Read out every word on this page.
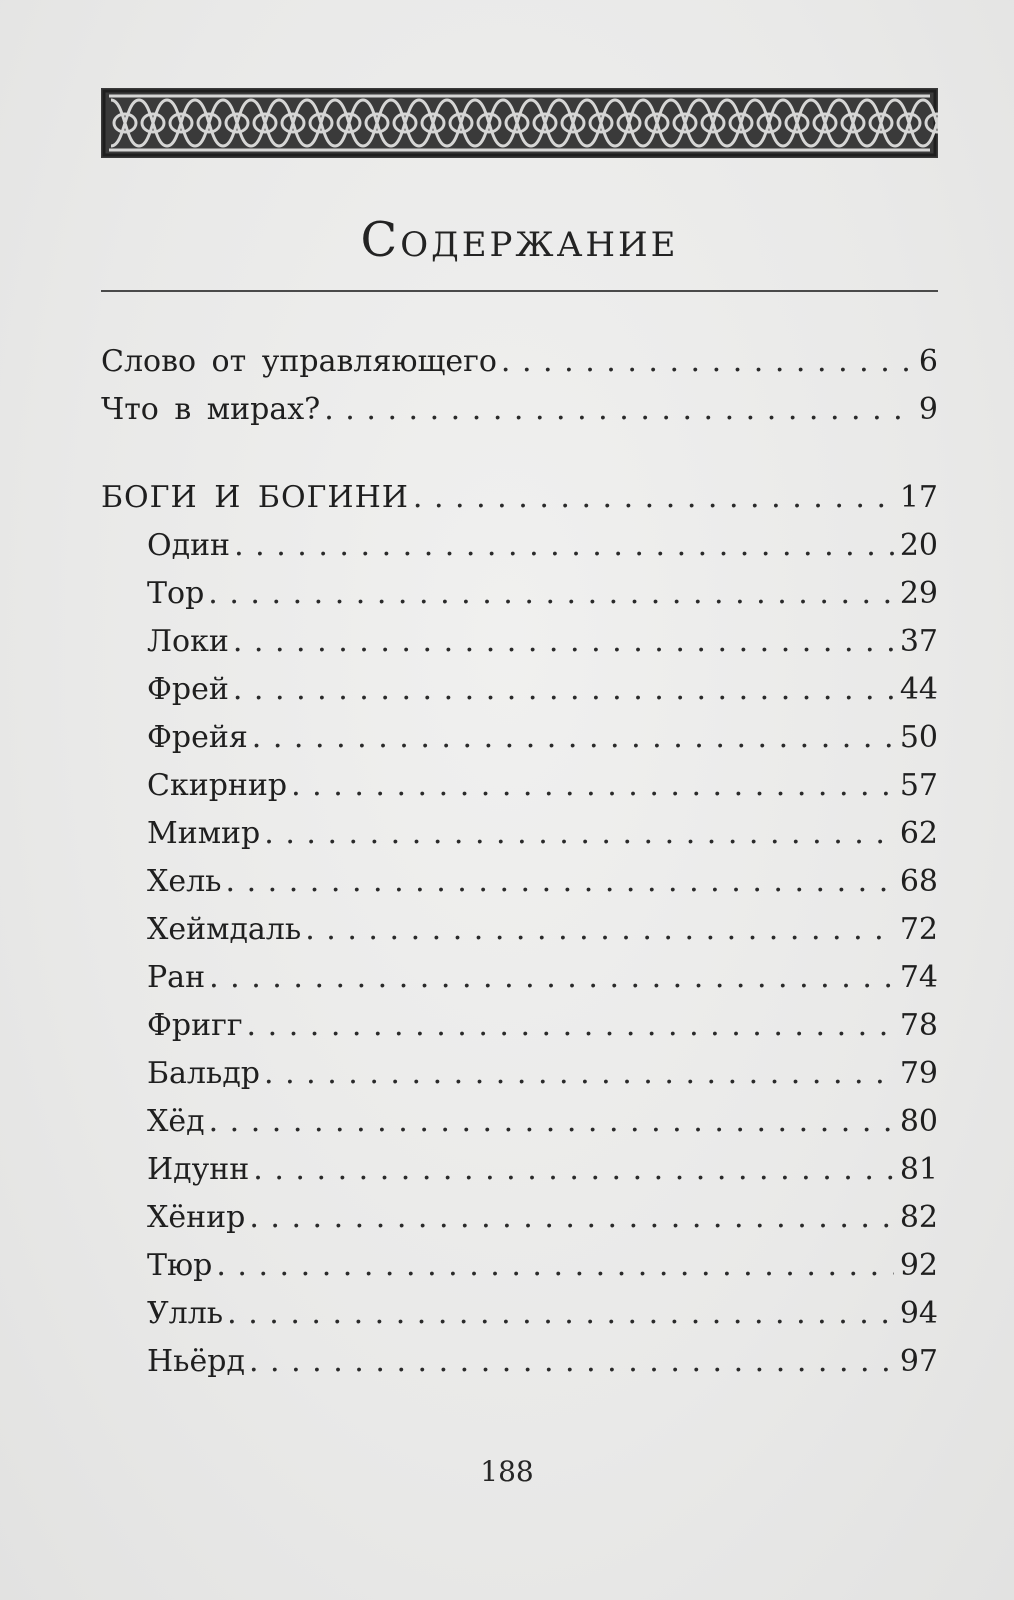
Содержание
Слово от управляющего . . .	6
Что в мирах? . . .	9
БОГИ И БОГИНИ . . .	17
Один . . .	20
Тор . . .	29
Локи . . .	37
Фрей . . .	44
Фрейя . . .	50
Скирнир . . .	57
Мимир . . .	62
Хель . . .	68
Хеймдаль . . .	72
Ран . . .	74
Фригг . . .	78
Бальдр . . .	79
Хёд . . .	80
Идунн . . .	81
Хёнир . . .	82
Тюр . . .	92
Улль . . .	94
Ньёрд . . .	97
188
